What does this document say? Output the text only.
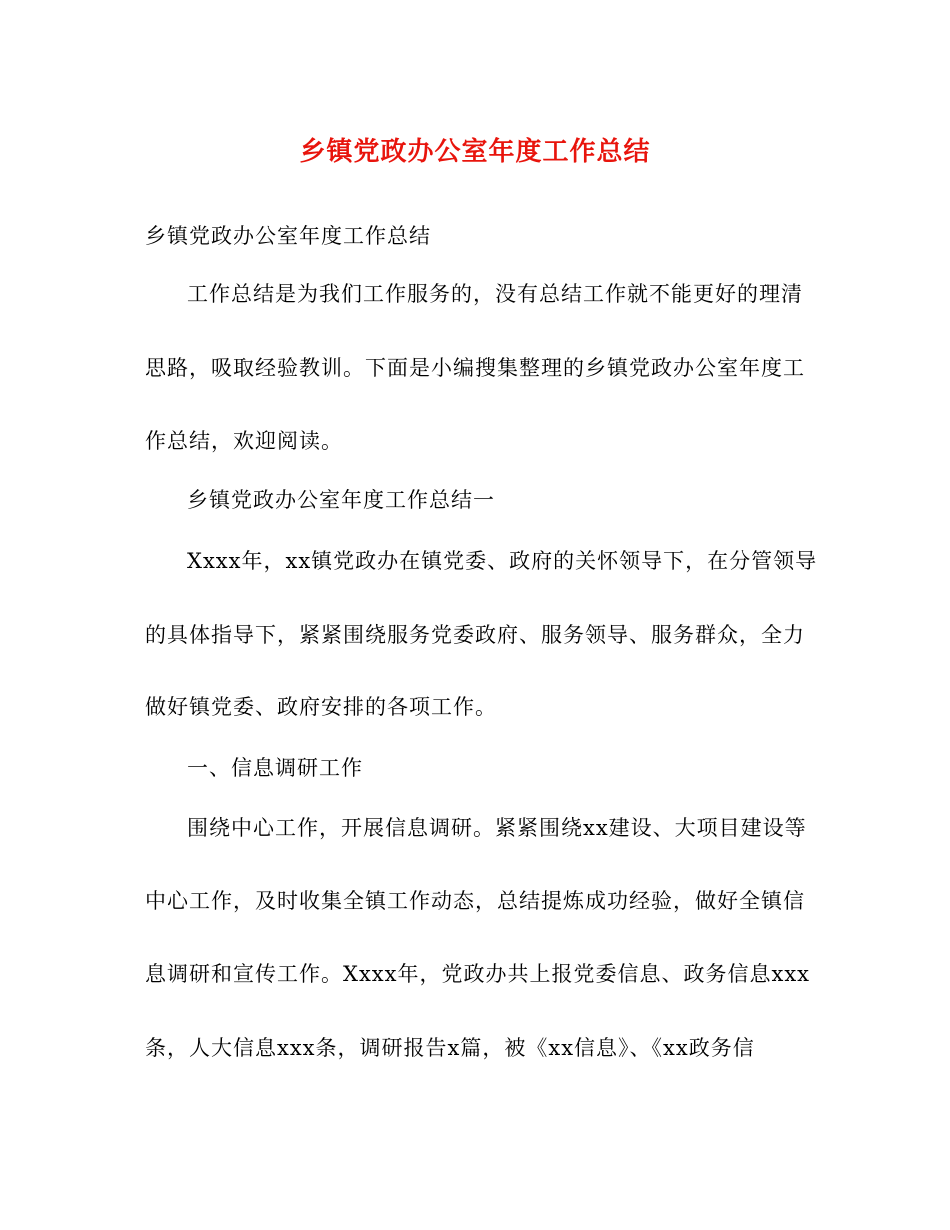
乡镇党政办公室年度工作总结
乡镇党政办公室年度工作总结
工作总结是为我们工作服务的，没有总结工作就不能更好的理清
思路，吸取经验教训。下面是小编搜集整理的乡镇党政办公室年度工
作总结，欢迎阅读。
乡镇党政办公室年度工作总结一
Xxxx年，xx镇党政办在镇党委、政府的关怀领导下，在分管领导
的具体指导下，紧紧围绕服务党委政府、服务领导、服务群众，全力
做好镇党委、政府安排的各项工作。
一、信息调研工作
围绕中心工作，开展信息调研。紧紧围绕xx建设、大项目建设等
中心工作，及时收集全镇工作动态，总结提炼成功经验，做好全镇信
息调研和宣传工作。Xxxx年，党政办共上报党委信息、政务信息xxx
条，人大信息xxx条，调研报告x篇，被《xx信息》、《xx政务信
